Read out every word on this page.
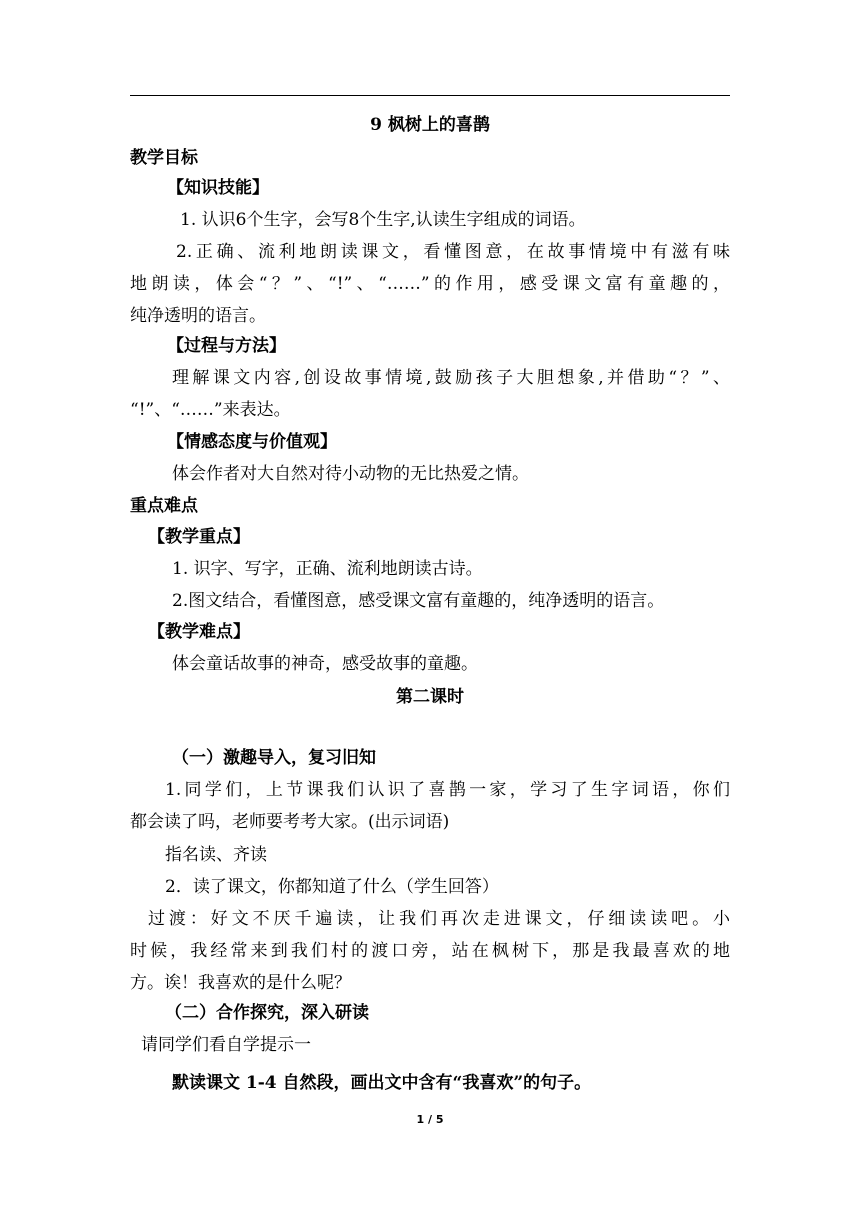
9 枫树上的喜鹊
教学目标
【知识技能】
1. 认识6个生字，会写8个生字,认读生字组成的词语。
2.正确、流利地朗读课文，看懂图意，在故事情境中有滋有味
地朗读，体会“？”、“!”、“……”的作用，感受课文富有童趣的，
纯净透明的语言。
【过程与方法】
理解课文内容,创设故事情境,鼓励孩子大胆想象,并借助“？”、
“!”、“……”来表达。
【情感态度与价值观】
体会作者对大自然对待小动物的无比热爱之情。
重点难点
【教学重点】
1. 识字、写字，正确、流利地朗读古诗。
2.图文结合，看懂图意，感受课文富有童趣的，纯净透明的语言。
【教学难点】
体会童话故事的神奇，感受故事的童趣。
第二课时
（一）激趣导入，复习旧知
1.同学们，上节课我们认识了喜鹊一家，学习了生字词语，你们
都会读了吗，老师要考考大家。(出示词语)
指名读、齐读
2．读了课文，你都知道了什么（学生回答）
过渡：好文不厌千遍读，让我们再次走进课文，仔细读读吧。小
时候，我经常来到我们村的渡口旁，站在枫树下，那是我最喜欢的地
方。诶！我喜欢的是什么呢？
（二）合作探究，深入研读
请同学们看自学提示一
默读课文 1-4 自然段，画出文中含有“我喜欢”的句子。
1 / 5
